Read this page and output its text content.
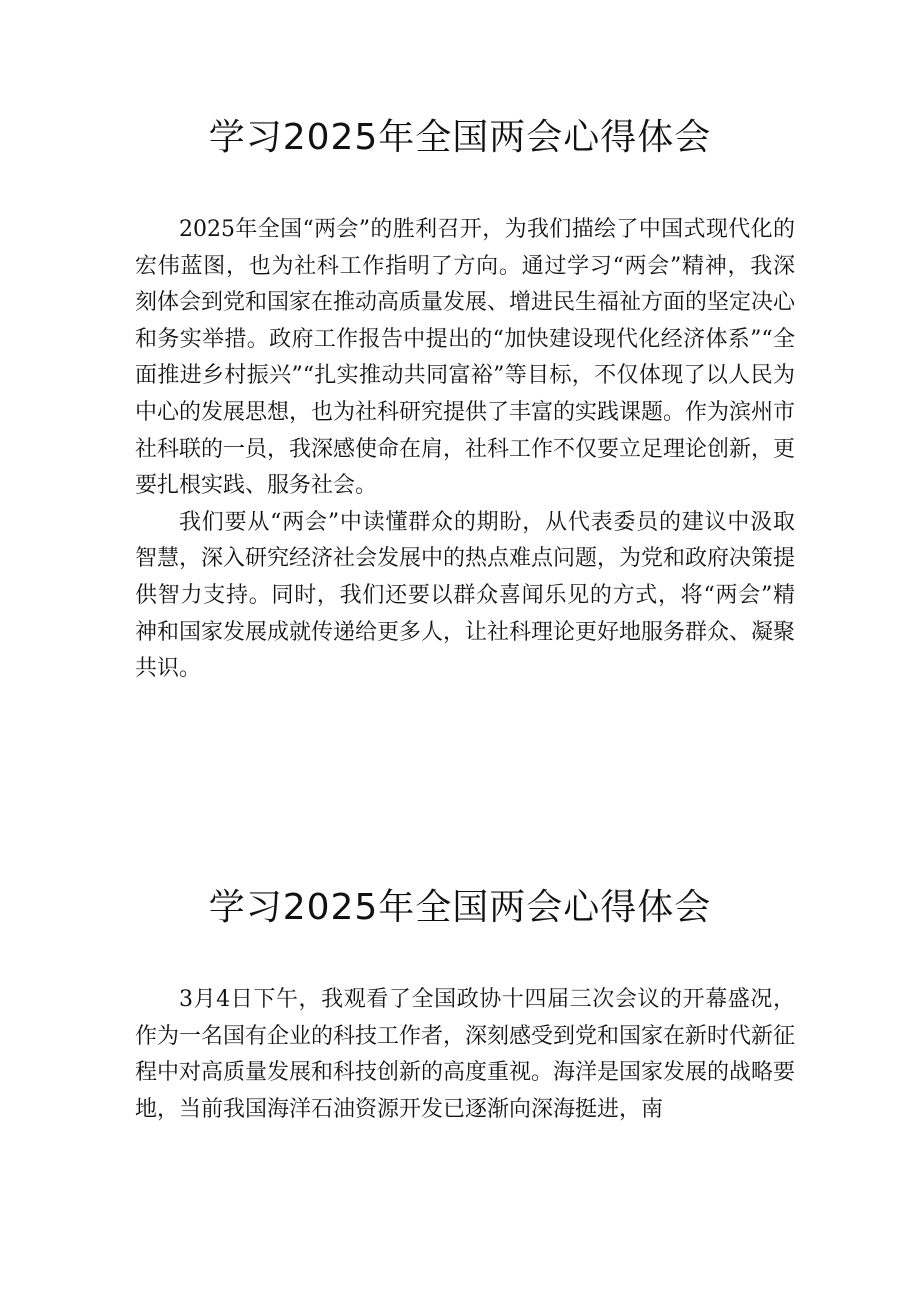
学习2025年全国两会心得体会

2025年全国“两会”的胜利召开，为我们描绘了中国式现代化的宏伟蓝图，也为社科工作指明了方向。通过学习“两会”精神，我深刻体会到党和国家在推动高质量发展、增进民生福祉方面的坚定决心和务实举措。政府工作报告中提出的“加快建设现代化经济体系”“全面推进乡村振兴”“扎实推动共同富裕”等目标，不仅体现了以人民为中心的发展思想，也为社科研究提供了丰富的实践课题。作为滨州市社科联的一员，我深感使命在肩，社科工作不仅要立足理论创新，更要扎根实践、服务社会。

我们要从“两会”中读懂群众的期盼，从代表委员的建议中汲取智慧，深入研究经济社会发展中的热点难点问题，为党和政府决策提供智力支持。同时，我们还要以群众喜闻乐见的方式，将“两会”精神和国家发展成就传递给更多人，让社科理论更好地服务群众、凝聚共识。

学习2025年全国两会心得体会

3月4日下午，我观看了全国政协十四届三次会议的开幕盛况，作为一名国有企业的科技工作者，深刻感受到党和国家在新时代新征程中对高质量发展和科技创新的高度重视。海洋是国家发展的战略要地，当前我国海洋石油资源开发已逐渐向深海挺进，南
